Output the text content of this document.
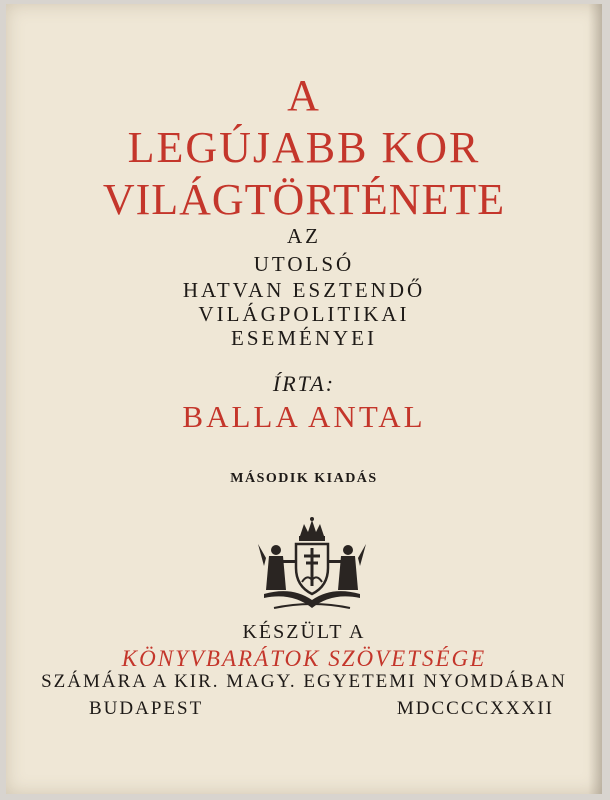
A
LEGÚJABB KOR
VILÁGTÖRTÉNETE
AZ
UTOLSÓ
HATVAN ESZTENDŐ
VILÁGPOLITIKAI
ESEMÉNYEI
ÍRTA:
BALLA ANTAL
MÁSODIK KIADÁS
KÉSZÜLT A
KÖNYVBARÁTOK SZÖVETSÉGE
SZÁMÁRA A KIR. MAGY. EGYETEMI NYOMDÁBAN
BUDAPEST	MDCCCCXXXII
